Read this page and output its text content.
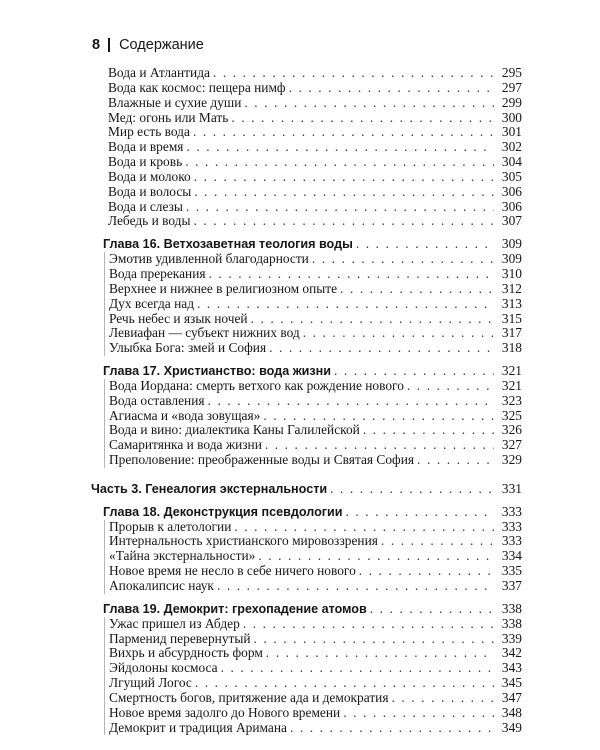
8 Содержание
Вода и Атлантида . . .	295
Вода как космос: пещера нимф . . .	297
Влажные и сухие души . . .	299
Мед: огонь или Мать . . .	300
Мир есть вода . . .	301
Вода и время . . .	302
Вода и кровь . . .	304
Вода и молоко . . .	305
Вода и волосы . . .	306
Вода и слезы . . .	306
Лебедь и воды . . .	307
Глава 16. Ветхозаветная теология воды . . .	309
Эмотив удивленной благодарности . . .	309
Вода пререкания . . .	310
Верхнее и нижнее в религиозном опыте . . .	312
Дух всегда над . . .	313
Речь небес и язык ночей . . .	315
Левиафан — субъект нижних вод . . .	317
Улыбка Бога: змей и София . . .	318
Глава 17. Христианство: вода жизни . . .	321
Вода Иордана: смерть ветхого как рождение нового . . .	321
Вода оставления . . .	323
Агиасма и «вода зовущая» . . .	325
Вода и вино: диалектика Каны Галилейской . . .	326
Самаритянка и вода жизни . . .	327
Преполовение: преображенные воды и Святая София . . .	329
Часть 3. Генеалогия экстернальности . . .	331
Глава 18. Деконструкция псевдологии . . .	333
Прорыв к алетологии . . .	333
Интернальность христианского мировоззрения . . .	333
«Тайна экстернальности» . . .	334
Новое время не несло в себе ничего нового . . .	335
Апокалипсис наук . . .	337
Глава 19. Демокрит: грехопадение атомов . . .	338
Ужас пришел из Абдер . . .	338
Парменид перевернутый . . .	339
Вихрь и абсурдность форм . . .	342
Эйдолоны космоса . . .	343
Лгущий Логос . . .	345
Смертность богов, притяжение ада и демократия . . .	347
Новое время задолго до Нового времени . . .	348
Демокрит и традиция Аримана . . .	349
